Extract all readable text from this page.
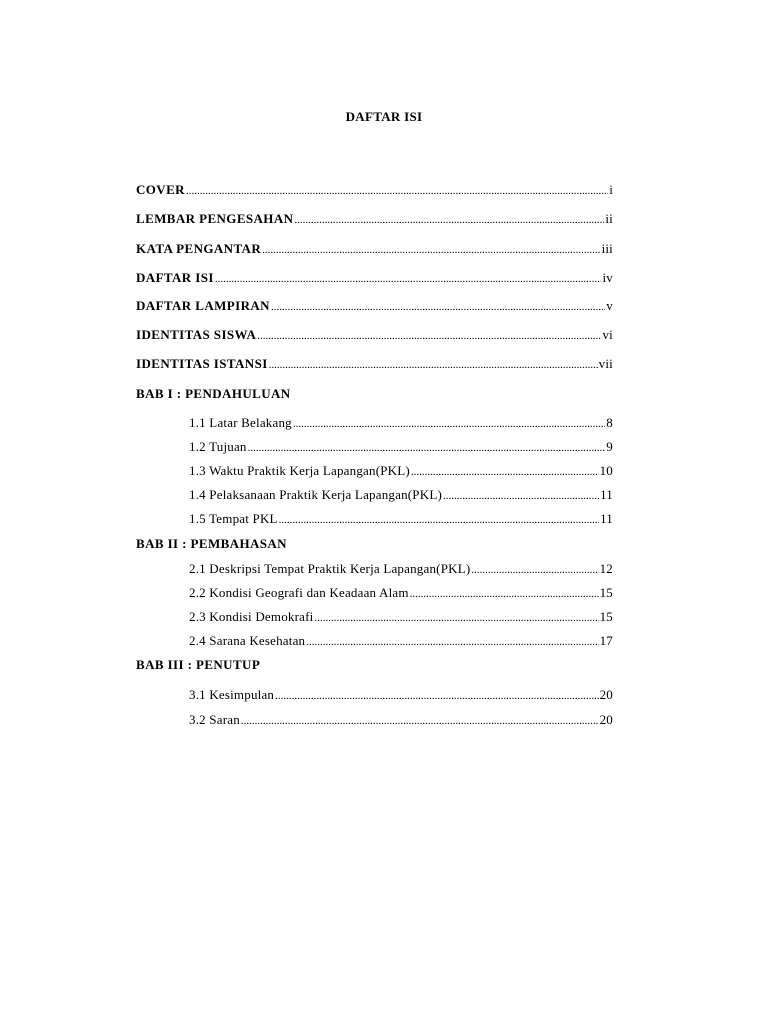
DAFTAR ISI
COVER .....	i
LEMBAR PENGESAHAN .....	ii
KATA PENGANTAR .....	iii
DAFTAR ISI .....	iv
DAFTAR LAMPIRAN .....	v
IDENTITAS SISWA .....	vi
IDENTITAS ISTANSI .....	vii
BAB I : PENDAHULUAN
1.1 Latar Belakang .....	8
1.2 Tujuan .....	9
1.3 Waktu Praktik Kerja Lapangan(PKL) .....	10
1.4 Pelaksanaan Praktik Kerja Lapangan(PKL) .....	11
1.5 Tempat PKL .....	11
BAB II : PEMBAHASAN
2.1 Deskripsi Tempat Praktik Kerja Lapangan(PKL) .....	12
2.2 Kondisi Geografi dan Keadaan Alam .....	15
2.3 Kondisi Demokrafi .....	15
2.4 Sarana Kesehatan .....	17
BAB III : PENUTUP
3.1 Kesimpulan .....	20
3.2 Saran .....	20
